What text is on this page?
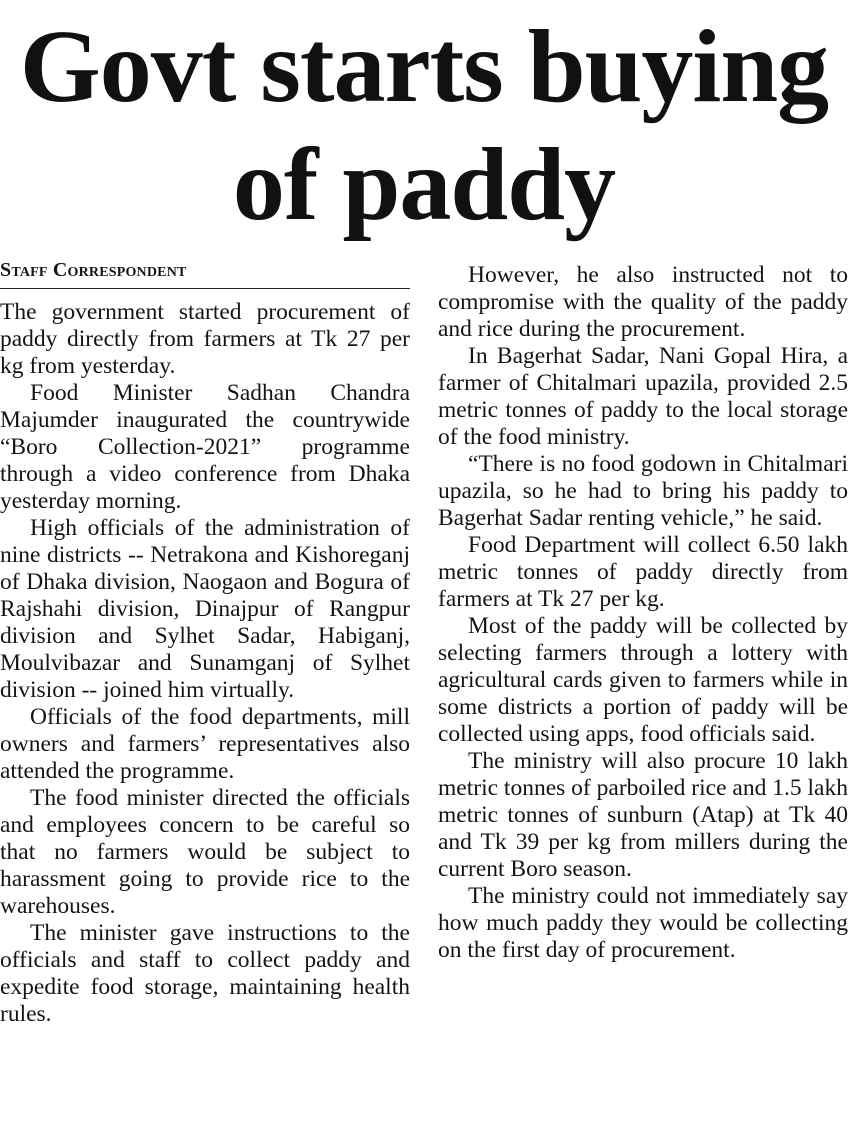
Govt starts buying of paddy
Staff Correspondent

The government started procurement of paddy directly from farmers at Tk 27 per kg from yesterday.

Food Minister Sadhan Chandra Majumder inaugurated the countrywide “Boro Collection-2021” programme through a video conference from Dhaka yesterday morning.

High officials of the administration of nine districts -- Netrakona and Kishoreganj of Dhaka division, Naogaon and Bogura of Rajshahi division, Dinajpur of Rangpur division and Sylhet Sadar, Habiganj, Moulvibazar and Sunamganj of Sylhet division -- joined him virtually.

Officials of the food departments, mill owners and farmers’ representatives also attended the programme.

The food minister directed the officials and employees concern to be careful so that no farmers would be subject to harassment going to provide rice to the warehouses.

The minister gave instructions to the officials and staff to collect paddy and expedite food storage, maintaining health rules.

However, he also instructed not to compromise with the quality of the paddy and rice during the procurement.

In Bagerhat Sadar, Nani Gopal Hira, a farmer of Chitalmari upazila, provided 2.5 metric tonnes of paddy to the local storage of the food ministry.

“There is no food godown in Chitalmari upazila, so he had to bring his paddy to Bagerhat Sadar renting vehicle,” he said.

Food Department will collect 6.50 lakh metric tonnes of paddy directly from farmers at Tk 27 per kg.

Most of the paddy will be collected by selecting farmers through a lottery with agricultural cards given to farmers while in some districts a portion of paddy will be collected using apps, food officials said.

The ministry will also procure 10 lakh metric tonnes of parboiled rice and 1.5 lakh metric tonnes of sunburn (Atap) at Tk 40 and Tk 39 per kg from millers during the current Boro season.

The ministry could not immediately say how much paddy they would be collecting on the first day of procurement.
